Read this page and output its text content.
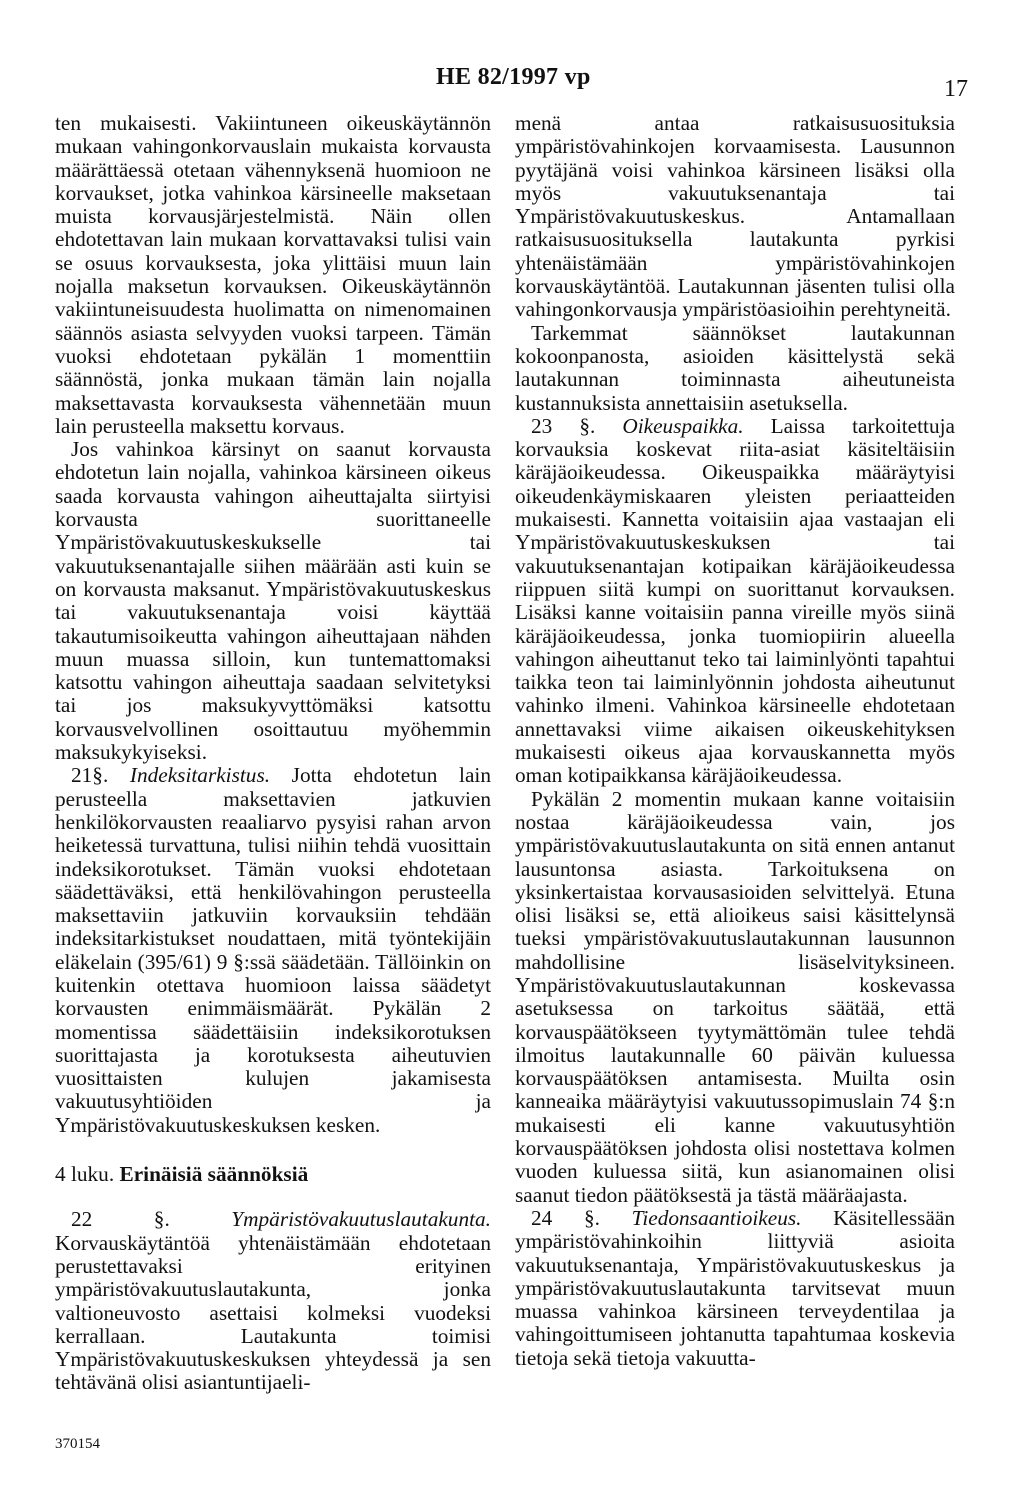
HE 82/1997 vp	17

ten mukaisesti. Vakiintuneen oikeuskäytännön mukaan vahingonkorvauslain mukaista korvausta määrättäessä otetaan vähennyksenä huomioon ne korvaukset, jotka vahinkoa kärsineelle maksetaan muista korvausjärjestelmistä. Näin ollen ehdotettavan lain mukaan korvattavaksi tulisi vain se osuus korvauksesta, joka ylittäisi muun lain nojalla maksetun korvauksen. Oikeuskäytännön vakiintuneisuudesta huolimatta on nimenomainen säännös asiasta selvyyden vuoksi tarpeen. Tämän vuoksi ehdotetaan pykälän 1 momenttiin säännöstä, jonka mukaan tämän lain nojalla maksettavasta korvauksesta vähennetään muun lain perusteella maksettu korvaus.

Jos vahinkoa kärsinyt on saanut korvausta ehdotetun lain nojalla, vahinkoa kärsineen oikeus saada korvausta vahingon aiheuttajalta siirtyisi korvausta suorittaneelle Ympäristövakuutuskeskukselle tai vakuutuksenantajalle siihen määrään asti kuin se on korvausta maksanut. Ympäristövakuutuskeskus tai vakuutuksenantaja voisi käyttää takautumisoikeutta vahingon aiheuttajaan nähden muun muassa silloin, kun tuntemattomaksi katsottu vahingon aiheuttaja saadaan selvitetyksi tai jos maksukyvyttömäksi katsottu korvausvelvollinen osoittautuu myöhemmin maksukykyiseksi.

21§. Indeksitarkistus. Jotta ehdotetun lain perusteella maksettavien jatkuvien henkilökorvausten reaaliarvo pysyisi rahan arvon heiketessä turvattuna, tulisi niihin tehdä vuosittain indeksikorotukset. Tämän vuoksi ehdotetaan säädettäväksi, että henkilövahingon perusteella maksettaviin jatkuviin korvauksiin tehdään indeksitarkistukset noudattaen, mitä työntekijäin eläkelain (395/61) 9 §:ssä säädetään. Tällöinkin on kuitenkin otettava huomioon laissa säädetyt korvausten enimmäismäärät. Pykälän 2 momentissa säädettäisiin indeksikorotuksen suorittajasta ja korotuksesta aiheutuvien vuosittaisten kulujen jakamisesta vakuutusyhtiöiden ja Ympäristövakuutuskeskuksen kesken.

4 luku. Erinäisiä säännöksiä

22 §.	Ympäristövakuutuslautakunta. Korvauskäytäntöä yhtenäistämään ehdotetaan perustettavaksi erityinen ympäristövakuutuslautakunta, jonka valtioneuvosto asettaisi kolmeksi vuodeksi kerrallaan. Lautakunta toimisi Ympäristövakuutuskeskuksen yhteydessä ja sen tehtävänä olisi asiantuntijaeli-

menä antaa ratkaisusuosituksia ympäristövahinkojen korvaamisesta. Lausunnon pyytäjänä voisi vahinkoa kärsineen lisäksi olla myös vakuutuksenantaja tai Ympäristövakuutuskeskus. Antamallaan ratkaisusuosituksella lautakunta pyrkisi yhtenäistämään ympäristövahinkojen korvauskäytäntöä. Lautakunnan jäsenten tulisi olla vahingonkorvausja ympäristöasioihin perehtyneitä.

Tarkemmat säännökset lautakunnan kokoonpanosta, asioiden käsittelystä sekä lautakunnan toiminnasta aiheutuneista kustannuksista annettaisiin asetuksella.

23 §. Oikeuspaikka. Laissa tarkoitettuja korvauksia koskevat riita-asiat käsiteltäisiin käräjäoikeudessa. Oikeuspaikka määräytyisi oikeudenkäymiskaaren yleisten periaatteiden mukaisesti. Kannetta voitaisiin ajaa vastaajan eli Ympäristövakuutuskeskuksen tai vakuutuksenantajan kotipaikan käräjäoikeudessa riippuen siitä kumpi on suorittanut korvauksen. Lisäksi kanne voitaisiin panna vireille myös siinä käräjäoikeudessa, jonka tuomiopiirin alueella vahingon aiheuttanut teko tai laiminlyönti tapahtui taikka teon tai laiminlyönnin johdosta aiheutunut vahinko ilmeni. Vahinkoa kärsineelle ehdotetaan annettavaksi viime aikaisen oikeuskehityksen mukaisesti oikeus ajaa korvauskannetta myös oman kotipaikkansa käräjäoikeudessa.

Pykälän 2 momentin mukaan kanne voitaisiin nostaa käräjäoikeudessa vain, jos ympäristövakuutuslautakunta on sitä ennen antanut lausuntonsa asiasta. Tarkoituksena on yksinkertaistaa korvausasioiden selvittelyä. Etuna olisi lisäksi se, että alioikeus saisi käsittelynsä tueksi ympäristövakuutuslautakunnan lausunnon mahdollisine lisäselvityksineen. Ympäristövakuutuslautakunnan koskevassa asetuksessa on tarkoitus säätää, että korvauspäätökseen tyytymättömän tulee tehdä ilmoitus lautakunnalle 60 päivän kuluessa korvauspäätöksen antamisesta. Muilta osin kanneaika määräytyisi vakuutussopimuslain 74 §:n mukaisesti eli kanne vakuutusyhtiön korvauspäätöksen johdosta olisi nostettava kolmen vuoden kuluessa siitä, kun asianomainen olisi saanut tiedon päätöksestä ja tästä määräajasta.

24 §. Tiedonsaantioikeus. Käsitellessään ympäristövahinkoihin liittyviä asioita vakuutuksenantaja, Ympäristövakuutuskeskus ja ympäristövakuutuslautakunta tarvitsevat muun muassa vahinkoa kärsineen terveydentilaa ja vahingoittumiseen johtanutta tapahtumaa koskevia tietoja sekä tietoja vakuutta-

370154
